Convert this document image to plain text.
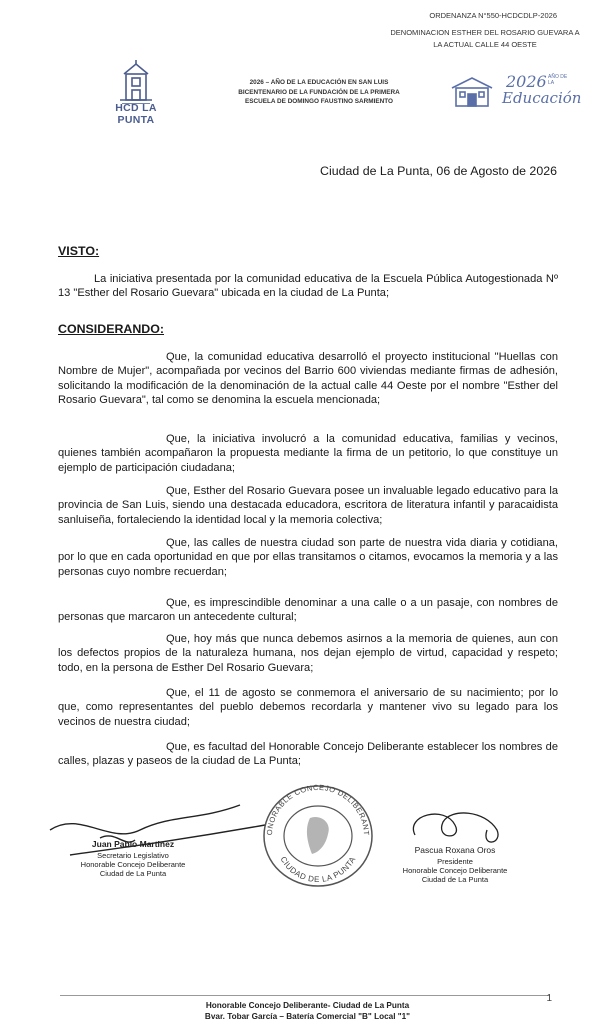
ORDENANZA N°550-HCDCDLP-2026
DENOMINACION ESTHER DEL ROSARIO GUEVARA A LA ACTUAL CALLE 44 OESTE
HCD LA PUNTA
2026 – AÑO DE LA EDUCACIÓN EN SAN LUIS
BICENTENARIO DE LA FUNDACIÓN DE LA PRIMERA
ESCUELA DE DOMINGO FAUSTINO SARMIENTO
2026 AÑO DE LA
Educación
Ciudad de La Punta, 06 de Agosto de 2026
VISTO:
La iniciativa presentada por la comunidad educativa de la Escuela Pública Autogestionada Nº 13 "Esther del Rosario Guevara" ubicada en la ciudad de La Punta;
CONSIDERANDO:
Que, la comunidad educativa desarrolló el proyecto institucional "Huellas con Nombre de Mujer", acompañada por vecinos del Barrio 600 viviendas mediante firmas de adhesión, solicitando la modificación de la denominación de la actual calle 44 Oeste por el nombre "Esther del Rosario Guevara", tal como se denomina la escuela mencionada;
Que, la iniciativa involucró a la comunidad educativa, familias y vecinos, quienes también acompañaron la propuesta mediante la firma de un petitorio, lo que constituye un ejemplo de participación ciudadana;
Que, Esther del Rosario Guevara posee un invaluable legado educativo para la provincia de San Luis, siendo una destacada educadora, escritora de literatura infantil y paracaidista sanluiseña, fortaleciendo la identidad local y la memoria colectiva;
Que, las calles de nuestra ciudad son parte de nuestra vida diaria y cotidiana, por lo que en cada oportunidad en que por ellas transitamos o citamos, evocamos la memoria y a las personas cuyo nombre recuerdan;
Que, es imprescindible denominar a una calle o a un pasaje, con nombres de personas que marcaron un antecedente cultural;
Que, hoy más que nunca debemos asirnos a la memoria de quienes, aun con los defectos propios de la naturaleza humana, nos dejan ejemplo de virtud, capacidad y respeto; todo, en la persona de Esther Del Rosario Guevara;
Que, el 11 de agosto se conmemora el aniversario de su nacimiento; por lo que, como representantes del pueblo debemos recordarla y mantener vivo su legado para los vecinos de nuestra ciudad;
Que, es facultad del Honorable Concejo Deliberante establecer los nombres de calles, plazas y paseos de la ciudad de La Punta;
Juan Pablo Martinez
Secretario Legislativo
Honorable Concejo Deliberante
Ciudad de La Punta
ONORABLE CONCEJO DELIBERANT
CIUDAD DE LA PUNTA
Pascua Roxana Oros
Presidente
Honorable Concejo Deliberante
Ciudad de La Punta
1
Honorable Concejo Deliberante- Ciudad de La Punta
Bvar. Tobar García – Batería Comercial "B" Local "1"
